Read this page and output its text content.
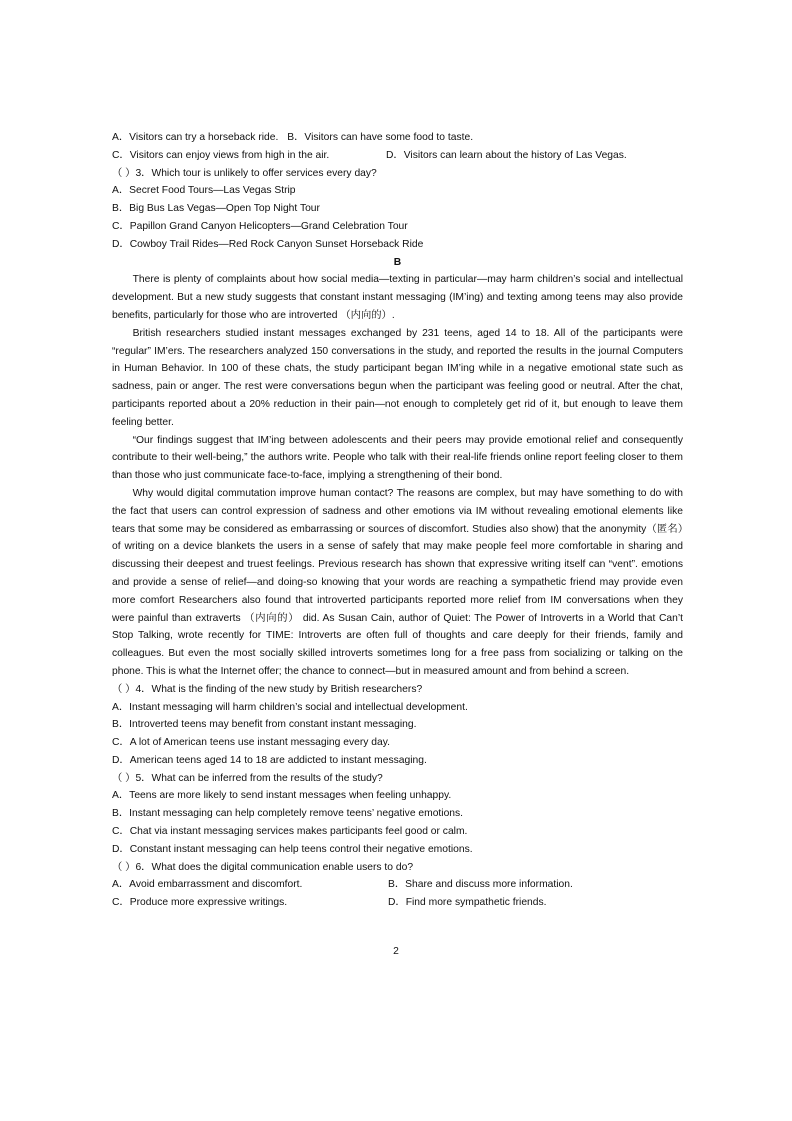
A．Visitors can try a horseback ride. B．Visitors can have some food to taste.
C．Visitors can enjoy views from high in the air.	D．Visitors can learn about the history of Las Vegas.
（ ）3．Which tour is unlikely to offer services every day?
A．Secret Food Tours—Las Vegas Strip
B．Big Bus Las Vegas—Open Top Night Tour
C．Papillon Grand Canyon Helicopters—Grand Celebration Tour
D．Cowboy Trail Rides—Red Rock Canyon Sunset Horseback Ride
B
There is plenty of complaints about how social media—texting in particular—may harm children’s social and intellectual development. But a new study suggests that constant instant messaging (IM’ing) and texting among teens may also provide benefits, particularly for those who are introverted （内向的）.
British researchers studied instant messages exchanged by 231 teens, aged 14 to 18. All of the participants were “regular” IM’ers. The researchers analyzed 150 conversations in the study, and reported the results in the journal Computers in Human Behavior. In 100 of these chats, the study participant began IM’ing while in a negative emotional state such as sadness, pain or anger. The rest were conversations begun when the participant was feeling good or neutral. After the chat, participants reported about a 20% reduction in their pain—not enough to completely get rid of it, but enough to leave them feeling better.
“Our findings suggest that IM’ing between adolescents and their peers may provide emotional relief and consequently contribute to their well-being,” the authors write. People who talk with their real-life friends online report feeling closer to them than those who just communicate face-to-face, implying a strengthening of their bond.
Why would digital commutation improve human contact? The reasons are complex, but may have something to do with the fact that users can control expression of sadness and other emotions via IM without revealing emotional elements like tears that some may be considered as embarrassing or sources of discomfort. Studies also show) that the anonymity（匿名）of writing on a device blankets the users in a sense of safely that may make people feel more comfortable in sharing and discussing their deepest and truest feelings. Previous research has shown that expressive writing itself can “vent”. emotions and provide a sense of relief—and doing-so knowing that your words are reaching a sympathetic friend may provide even more comfort Researchers also found that introverted participants reported more relief from IM conversations when they were painful than extraverts （内向的） did. As Susan Cain, author of Quiet: The Power of Introverts in a World that Can’t Stop Talking, wrote recently for TIME: Introverts are often full of thoughts and care deeply for their friends, family and colleagues. But even the most socially skilled introverts sometimes long for a free pass from socializing or talking on the phone. This is what the Internet offer; the chance to connect—but in measured amount and from behind a screen.
（ ）4．What is the finding of the new study by British researchers?
A．Instant messaging will harm children’s social and intellectual development.
B．Introverted teens may benefit from constant instant messaging.
C．A lot of American teens use instant messaging every day.
D．American teens aged 14 to 18 are addicted to instant messaging.
（ ）5．What can be inferred from the results of the study?
A．Teens are more likely to send instant messages when feeling unhappy.
B．Instant messaging can help completely remove teens’ negative emotions.
C．Chat via instant messaging services makes participants feel good or calm.
D．Constant instant messaging can help teens control their negative emotions.
（ ）6．What does the digital communication enable users to do?
A．Avoid embarrassment and discomfort.	B．Share and discuss more information.
C．Produce more expressive writings.	D．Find more sympathetic friends.
2
